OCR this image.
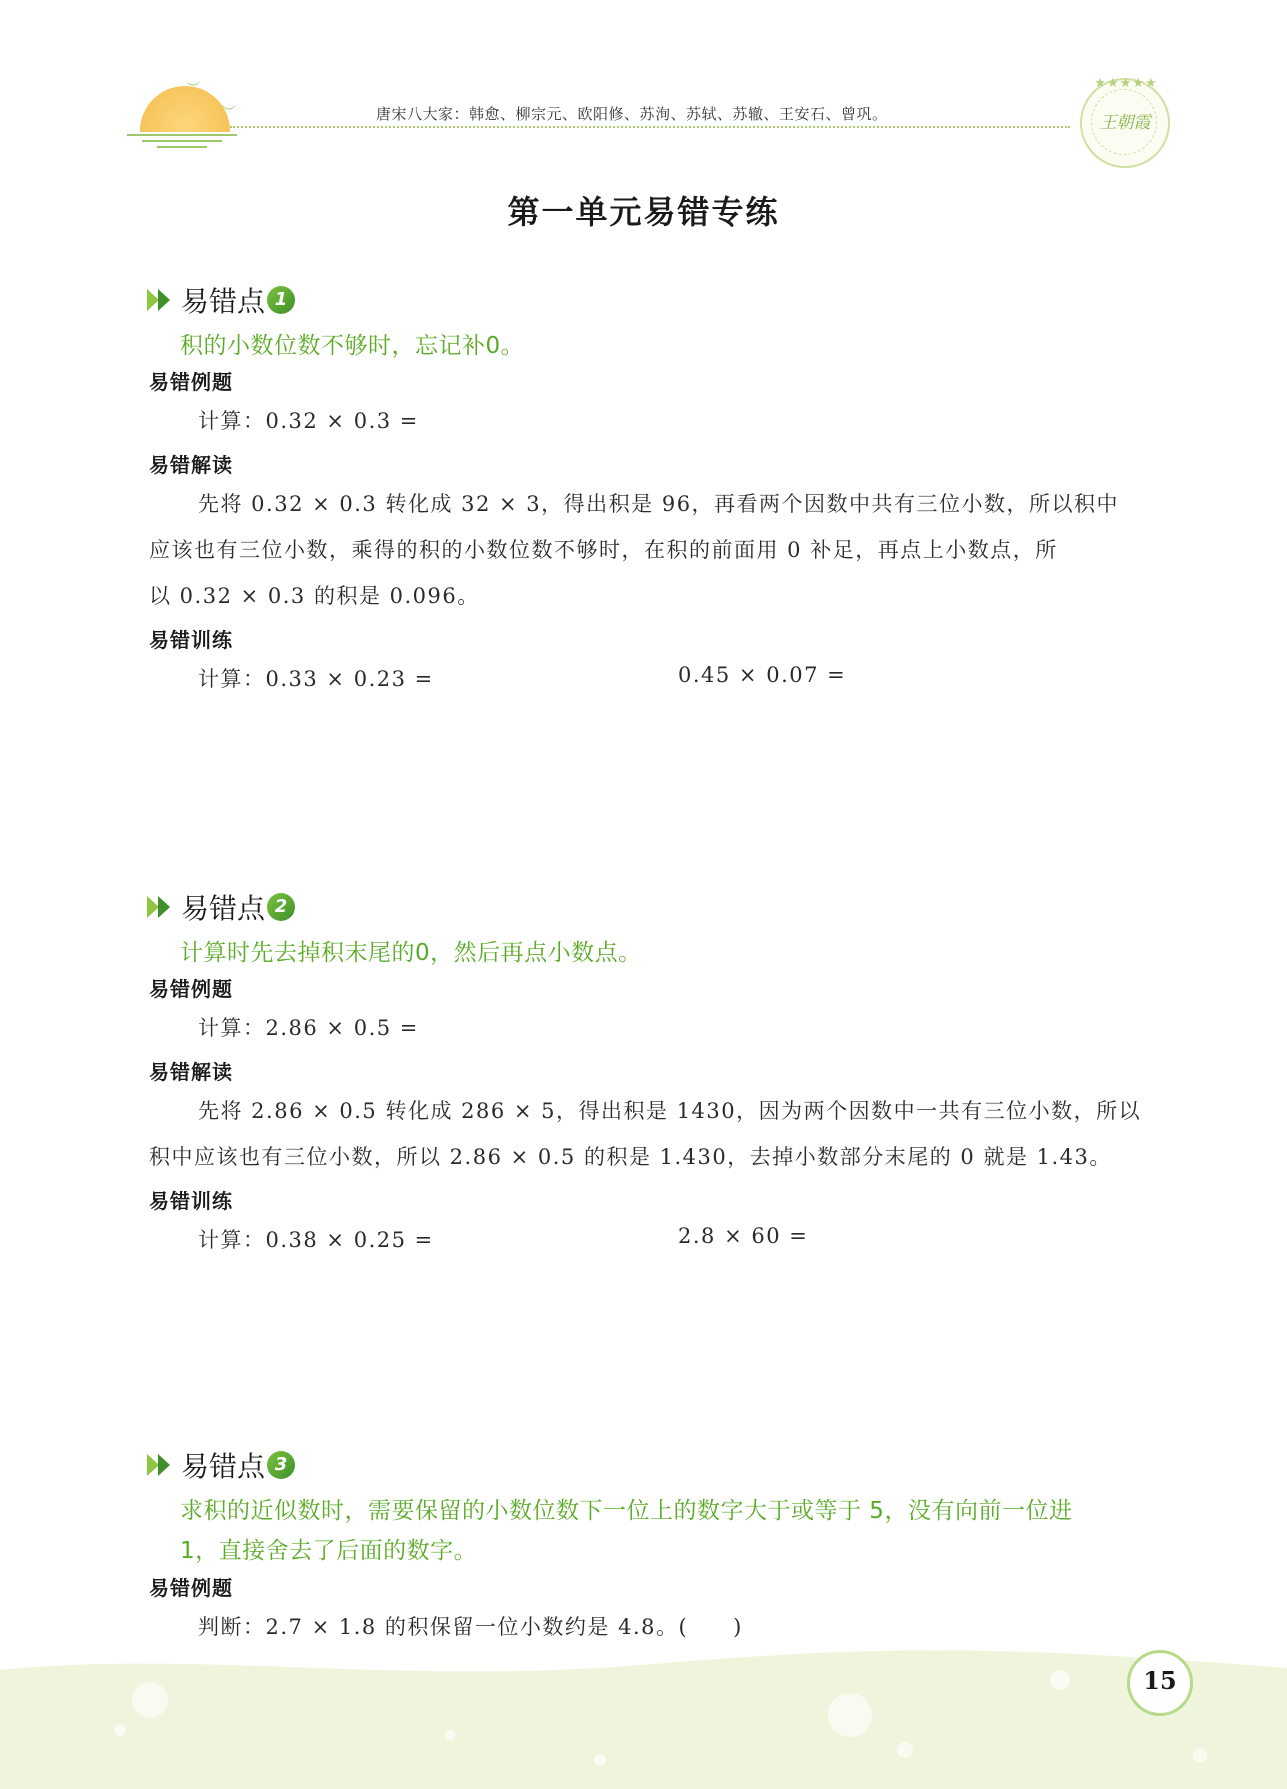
︶
︶	唐宋八大家：韩愈、柳宗元、欧阳修、苏洵、苏轼、苏辙、王安石、曾巩。
★★★★★
王朝霞
第一单元易错专练
易错点 1
积的小数位数不够时，忘记补0。
易错例题
计算：0.32 × 0.3 =
易错解读
先将 0.32 × 0.3 转化成 32 × 3，得出积是 96，再看两个因数中共有三位小数，所以积中
应该也有三位小数，乘得的积的小数位数不够时，在积的前面用 0 补足，再点上小数点，所
以 0.32 × 0.3 的积是 0.096。
易错训练
计算：0.33 × 0.23 =	0.45 × 0.07 =
易错点 2
计算时先去掉积末尾的0，然后再点小数点。
易错例题
计算：2.86 × 0.5 =
易错解读
先将 2.86 × 0.5 转化成 286 × 5，得出积是 1430，因为两个因数中一共有三位小数，所以
积中应该也有三位小数，所以 2.86 × 0.5 的积是 1.430，去掉小数部分末尾的 0 就是 1.43。
易错训练
计算：0.38 × 0.25 =	2.8 × 60 =
易错点 3
求积的近似数时，需要保留的小数位数下一位上的数字大于或等于 5，没有向前一位进
1，直接舍去了后面的数字。
易错例题
判断：2.7 × 1.8 的积保留一位小数约是 4.8。(　　)
15
